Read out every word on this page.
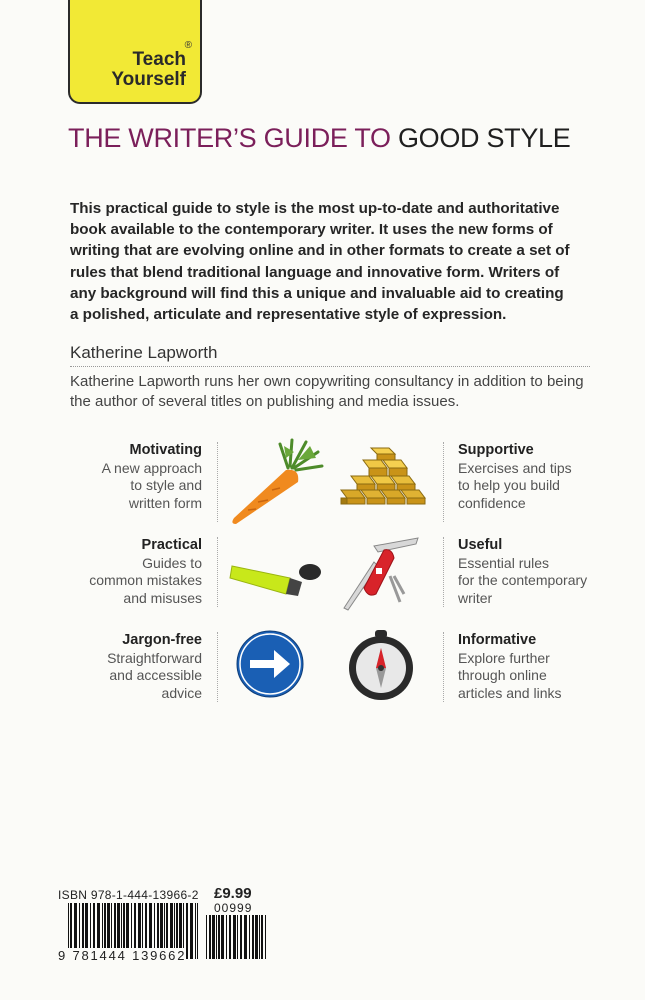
®
Teach
Yourself
THE WRITER’S GUIDE TO GOOD STYLE
This practical guide to style is the most up-to-date and authoritative book available to the contemporary writer. It uses the new forms of writing that are evolving online and in other formats to create a set of rules that blend traditional language and innovative form. Writers of any background will find this a unique and invaluable aid to creating a polished, articulate and representative style of expression.
Katherine Lapworth
Katherine Lapworth runs her own copywriting consultancy in addition to being the author of several titles on publishing and media issues.
Motivating
A new approach
to style and
written form
Practical
Guides to
common mistakes
and misuses
Jargon-free
Straightforward
and accessible
advice
Supportive
Exercises and tips
to help you build
confidence
Useful
Essential rules
for the contemporary
writer
Informative
Explore further
through online
articles and links
ISBN 978-1-444-13966-2 £9.99
00999
9 781444 139662
